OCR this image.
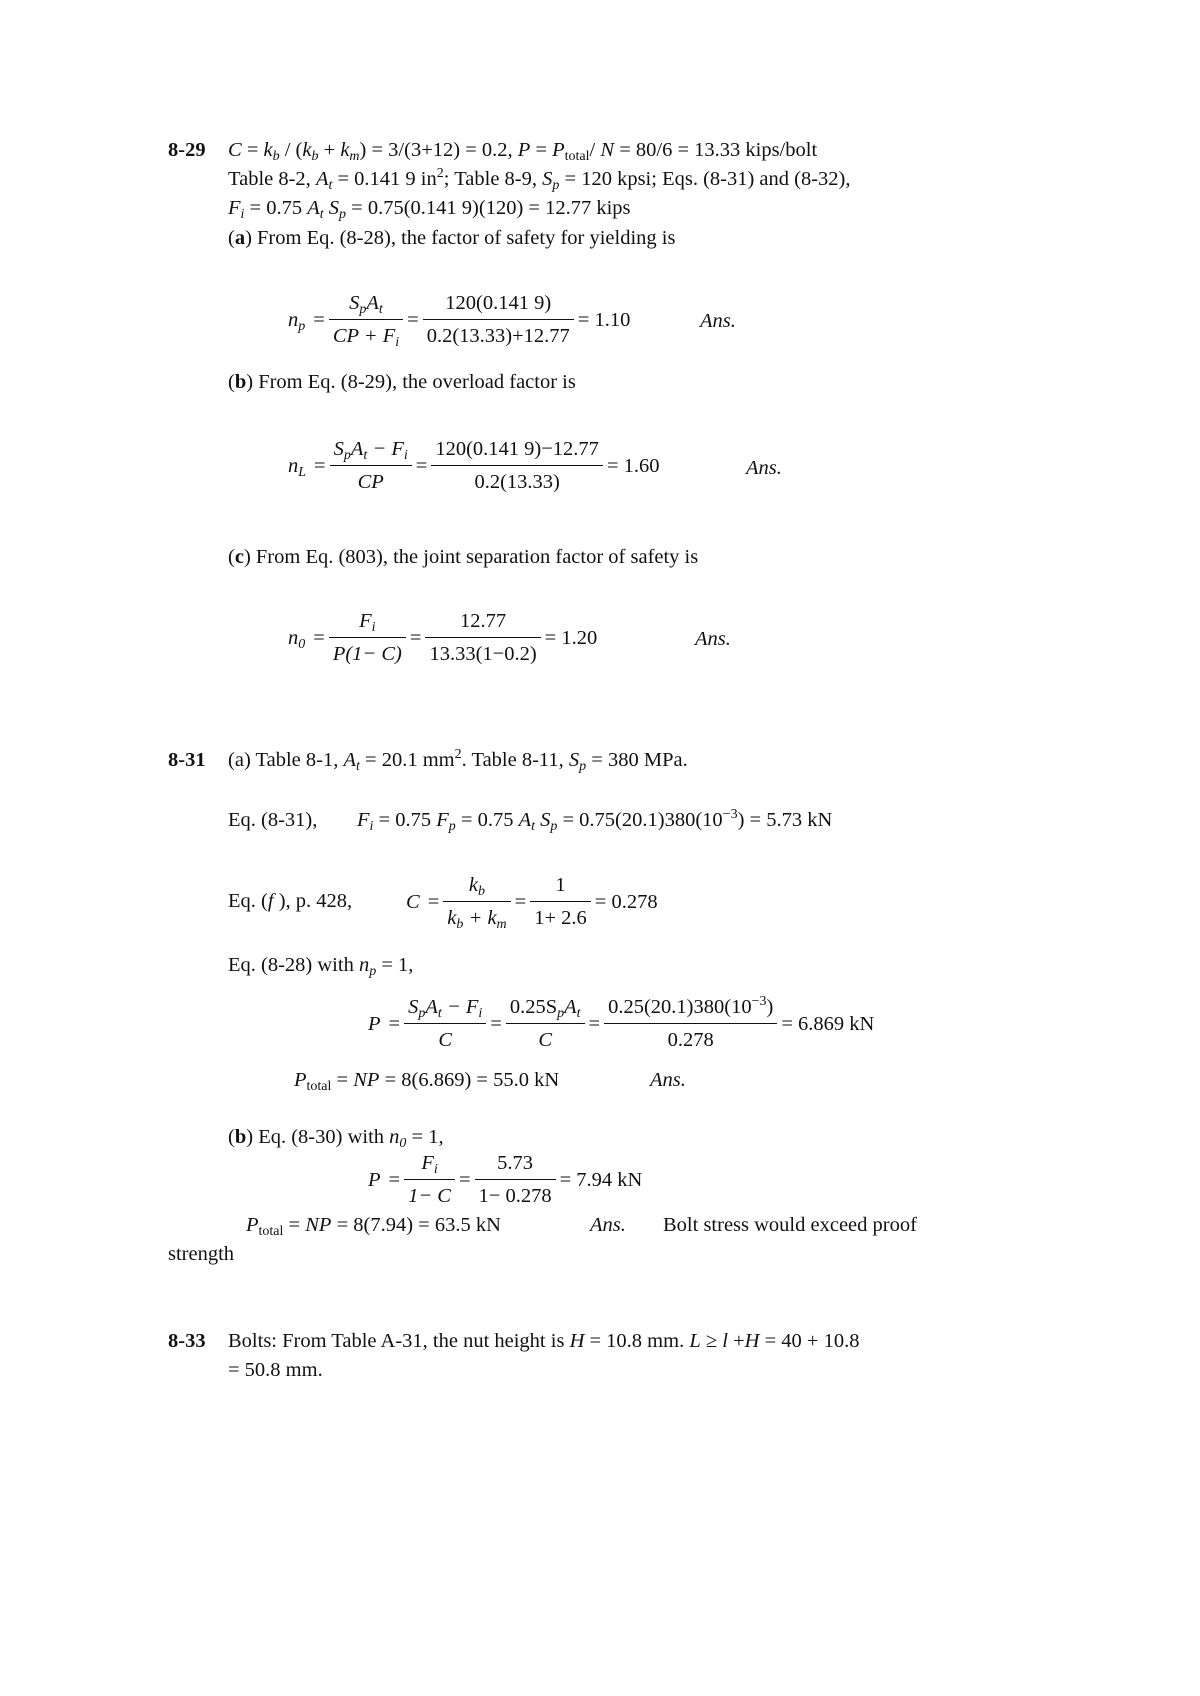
8-29 $C = k_b / (k_b + k_m) = 3/(3+12) = 0.2$, $P = P_{total}/$ N = 80/6 = 13.33 kips/bolt
Table 8-2, $A_t = 0.141$ 9 $in^2$; Table 8-9, $S_p = 120$ kpsi; Eqs. (8-31) and (8-32),
$F_i = 0.75$ $A_t$ $S_p = 0.75(0.141$ 9)(120) = 12.77 kips
(a) From Eq. (8-28), the factor of safety for yielding is
$n_p = \frac{S_pA_t}{CP + F_i} = \frac{120(0.141 9)}{0.2(13.33)+12.77} = 1.10$	Ans.
(b) From Eq. (8-29), the overload factor is
$n_L = \frac{S_pA_t - F_i}{CP} = \frac{120(0.141 9)-12.77}{0.2(13.33)} = 1.60$	Ans.
(c) From Eq. (803), the joint separation factor of safety is
$n_0 = \frac{F_i}{P(1- C)} = \frac{12.77}{13.33(1-0.2)} = 1.20$	Ans.
8-31 (a) Table 8-1, $A_t = 20.1$ $mm^2$. Table 8-11, $S_p = 380$ MPa.
Eq. (8-31), $F_i = 0.75$ $F_p = 0.75$ $A_t$ $S_p = 0.75(20.1)380(10^{-3}) = 5.73$ kN
Eq. (f ), p. 428,	$C = \frac{k_b}{k_b + k_m} = \frac{1}{1+ 2.6} = 0.278$
Eq. (8-28) with $n_p = 1$,
$P = \frac{S_pA_t - F_i}{C} = \frac{0.25S_pA_t}{C} = \frac{0.25(20.1)380(10^{-3})}{0.278} = 6.869$ kN
$P_{total}$ = NP = 8(6.869) = 55.0 kN	Ans.
(b) Eq. (8-30) with $n_0 = 1$,
$P = \frac{F_i}{1- C} = \frac{5.73}{1- 0.278} = 7.94$ kN
$P_{total}$ = NP = 8(7.94) = 63.5 kN	Ans. Bolt stress would exceed proof
strength
8-33 Bolts: From Table A-31, the nut height is H = 10.8 mm. L ≥ l +H = 40 + 10.8
= 50.8 mm.
